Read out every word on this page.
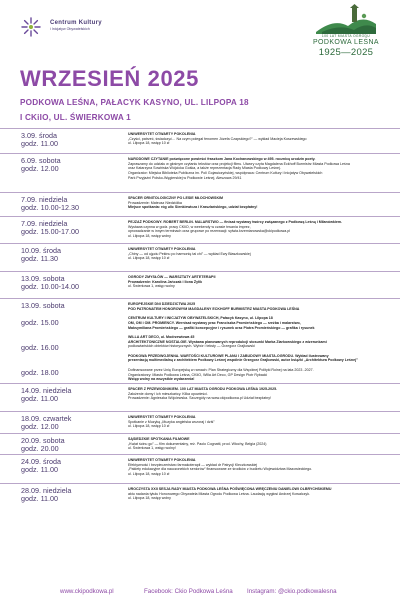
Centrum Kultury
i Inicjatyw Obywatelskich
100 LAT MIASTA OGRODU
PODKOWA LEŚNA
1925—2025
WRZESIEŃ 2025
PODKOWA LEŚNA, PAŁACYK KASYNO, UL. LILPOPA 18
I CKiIO, UL. ŚWIERKOWA 1
3.09. środa
godz. 11.00
UNIWERSYTET OTWARTY POKOLENIA
„Czyści, patrzeć, świadczyć… Na czym polegał fenomen Józefa Czapskiego?” — wykład Macieja Koszewskiego
ul. Lilpopa 18, wstęp 10 zł
6.09. sobota
godz. 12.00
NARODOWE CZYTANIE poświęcone powieści fraszkom Jana Kochanowskiego w 495. rocznicę urodzin poety.
Zapraszamy do udziału w głośnym czytaniu tekstów oraz projekcji filmu. Utwory czyta Magdalena Eckhoff Burmistrz Miasta Podkowa Leśna
oraz Katarzyna Sowińska Wójcicka Gośka, a także reprezentacja Rady Miasta Podkowy Leśnej.
Organizator: Miejska Biblioteka Publiczna im. Poli Gojawiczyńskiej, współpraca: Centrum Kultury i Inicjatyw Obywatelskich
Park Przyjaźni Polsko-Węgierskiej w Podkowie Leśnej, Aleszowa 29/41
7.09. niedziela
godz. 10.00-12.30
SPACER ORNITOLOGICZNY PO LESIE MŁOCHOWSKIM
Prowadzenie: Mateusz Niedziółka
Miejsce spotkania: róg ulic Sienkiewicza i Kraszlańskiego, udział bezpłatny!
7.09. niedziela
godz. 15.00-17.00
PEJZAŻ PODKOWY. ROBERT BERLIN. MALARSTWO — finisaż wystawy twórcy związanego z Podkową Leśną i Milanówkiem.
Wystawa czynna w godz. pracy CKIiO, w weekendy w czasie trwania imprez,
oprowadzanie w innym terminach oraz grupowe po rezerwacji: sylwia.krzemianowska@ckipodkowa.pl
ul. Lilpopa 18, wstęp wolny
10.09. środa
godz. 11.30
UNIWERSYTET OTWARTY POKOLENIA
„Chiny — od ujęciu Pekinu po harmonię tai chi” — wykład Ewy Błaszkowskiej
ul. Lilpopa 18, wstęp 10 zł
13.09. sobota
godz. 10.00-14.00
OGRODY ZMYSŁÓW — WARSZTATY ARTETERAPII
Prowadzenie: Karolina Jańczak i Ilona Żyłik
ul. Świerkowa 1, wstęp wolny
13.09. sobota

godz. 15.00

godz. 16.00

godz. 18.00
EUROPEJSKIE DNI DZIEDZICTWA 2025
POD PATRONATEM HONOROWYM MAGDALENY ECKHOFF BURMISTRZ MIASTA PODKOWA LEŚNA

CENTRUM KULTURY I INICJATYW OBYWATELSKICH, Pałacyk Kasyno, ul. Lilpopa 18
OM, OM i OM. PROMIENCY. Wernisaż wystawy prac Franciszka Promieńskiego — rzeźba i malarstwo,
Maksymiliana Promieńskiego — grafiki koncepcyjne i rysunek oraz Piotra Promieńskiego — grafika i rysunek

WILLA ART DECO, ul. Modrzewiowa 45
ARCHITEKTONICZNE NOSTALGIE. Wystawa planowanych reprodukcji stosunki Marka Ziarkowskiego z wizerunkami
podkowiańskich obiektów historycznych. Wybór i teksty — Grzegorz Grajkowski

PODKOWA PRZEDWOJENNA. WARTOŚCI KULTUROWE PLANU I ZABUDOWY MIASTA-OGRODU. Wykład ilustrowany
prezentacją multimedialną z architektem Podkowy Leśnej wspólnie Grzegorz Grajkowski, autor książki „Architektura Podkowy Leśnej”

Dofinansowane przez Unię Europejską w ramach: Plan Strategiczny dla Wspólnej Polityki Rolnej na lata 2023 -2027.
Organizatorzy: Miasto Podkowa Leśna, CKIiO, Willa Art Deco, GP Design Piotr Rybacki
Wstęp wolny na wszystkie wydarzenia!
14.09. niedziela
godz. 11.00
SPACER Z PRZEWODNIKIEM. 100 LAT MIASTA OGRODU PODKOWA LEŚNA 1925-2025.
Założenie domy i ich mieszkańcy. Kilka opowieści.
Prowadzenie: Agnieszka Wójciewska. Szczegóły na www.ckipodkowa.pl Udział bezpłatny!
18.09. czwartek
godz. 12.00
UNIWERSYTET OTWARTY POKOLENIA
Spotkanie z Muzyką „Muzyka angielska wczoraj i dziś”
ul. Lilpopa 18, wstęp 10 zł
20.09. sobota
godz. 20.00
SĄSIEDZKIE SPOTKANIA FILMOWE
„Kwiat ścinu go” — film dokumentalny, reż. Paolo Cognatti, prod. Włochy, Belgia (2024)
ul. Świerkowa 1, wstęp wolny!
24.09. środa
godz. 11.00
UNIWERSYTET OTWARTY POKOLENIA
Efektywność i bezpieczeństwo farmakoterapii — wykład dr Patrycji Kleczkowskiej
„Pakiety edukacyjne dla nauczonekich seniorów” finansowane ze środków z budżetu Województwa Mazowieckiego.
ul. Lilpopa 18, wstęp 10 zł
28.09. niedziela
godz. 11.00
UROCZYSTA XXII SESJA RADY MIASTA PODKOWA LEŚNA POŚWIĘCONA WRĘCZENIU DANIELOWI OLBRYCHSKIEMU
aktu nadania tytułu Honorowego Obywatela Miasta Ogrodu Podkowa Leśna. Laudację wygłosi Andrzej Kowalczyk.
ul. Lilpopa 18, wstęp wolny
www.ckipodkowa.pl	Facebook: Ckio Podkowa Leśna Instagram: @ckio.podkowalesna
